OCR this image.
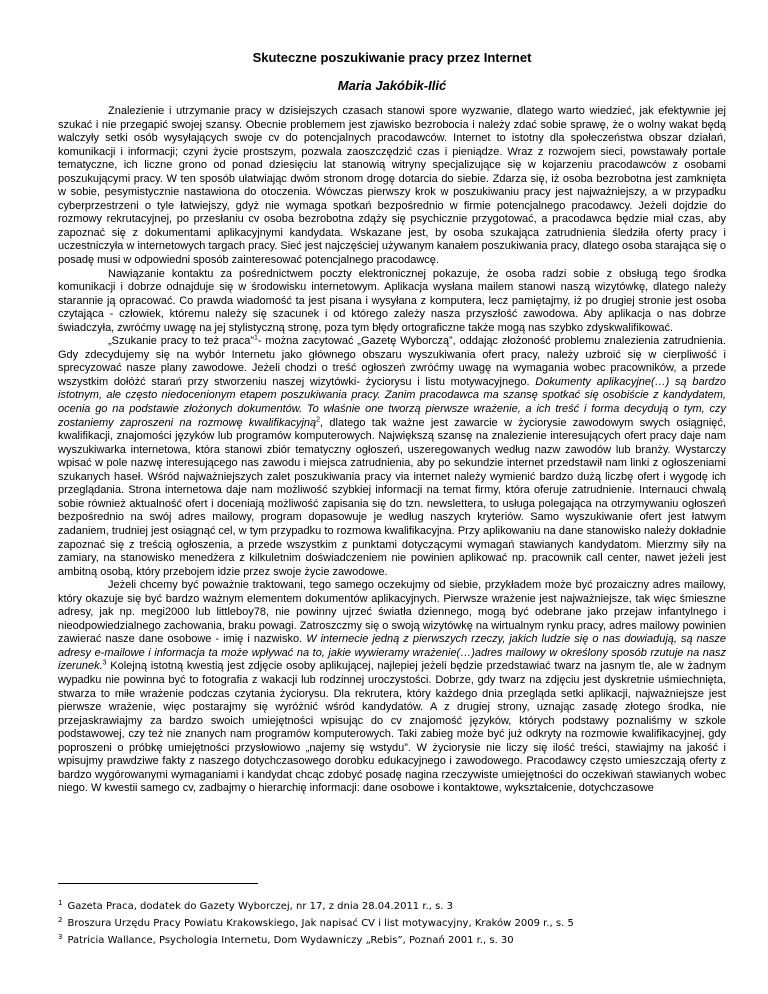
Skuteczne poszukiwanie pracy przez Internet
Maria Jakóbik-Ilić

Znalezienie i utrzymanie pracy w dzisiejszych czasach stanowi spore wyzwanie, dlatego warto wiedzieć, jak efektywnie jej szukać i nie przegapić swojej szansy. Obecnie problemem jest zjawisko bezrobocia i należy zdać sobie sprawę, że o wolny wakat będą walczyły setki osób wysyłających swoje cv do potencjalnych pracodawców. Internet to istotny dla społeczeństwa obszar działań, komunikacji i informacji; czyni życie prostszym, pozwala zaoszczędzić czas i pieniądze. Wraz z rozwojem sieci, powstawały portale tematyczne, ich liczne grono od ponad dziesięciu lat stanowią witryny specjalizujące się w kojarzeniu pracodawców z osobami poszukującymi pracy. W ten sposób ułatwiając dwóm stronom drogę dotarcia do siebie. Zdarza się, iż osoba bezrobotna jest zamknięta w sobie, pesymistycznie nastawiona do otoczenia. Wówczas pierwszy krok w poszukiwaniu pracy jest najważniejszy, a w przypadku cyberprzestrzeni o tyle łatwiejszy, gdyż nie wymaga spotkań bezpośrednio w firmie potencjalnego pracodawcy. Jeżeli dojdzie do rozmowy rekrutacyjnej, po przesłaniu cv osoba bezrobotna zdąży się psychicznie przygotować, a pracodawca będzie miał czas, aby zapoznać się z dokumentami aplikacyjnymi kandydata. Wskazane jest, by osoba szukająca zatrudnienia śledziła oferty pracy i uczestniczyła w internetowych targach pracy. Sieć jest najczęściej używanym kanałem poszukiwania pracy, dlatego osoba starająca się o posadę musi w odpowiedni sposób zainteresować potencjalnego pracodawcę.

Nawiązanie kontaktu za pośrednictwem poczty elektronicznej pokazuje, że osoba radzi sobie z obsługą tego środka komunikacji i dobrze odnajduje się w środowisku internetowym. Aplikacja wysłana mailem stanowi naszą wizytówkę, dlatego należy starannie ją opracować. Co prawda wiadomość ta jest pisana i wysyłana z komputera, lecz pamiętajmy, iż po drugiej stronie jest osoba czytająca - człowiek, któremu należy się szacunek i od którego zależy nasza przyszłość zawodowa. Aby aplikacja o nas dobrze świadczyła, zwróćmy uwagę na jej stylistyczną stronę, poza tym błędy ortograficzne także mogą nas szybko zdyskwalifikować.

„Szukanie pracy to też praca”$^1$- można zacytować „Gazetę Wyborczą”, oddając złożoność problemu znalezienia zatrudnienia. Gdy zdecydujemy się na wybór Internetu jako głównego obszaru wyszukiwania ofert pracy, należy uzbroić się w cierpliwość i sprecyzować nasze plany zawodowe. Jeżeli chodzi o treść ogłoszeń zwróćmy uwagę na wymagania wobec pracowników, a przede wszystkim dołóżć starań przy stworzeniu naszej wizytówki- życiorysu i listu motywacyjnego. Dokumenty aplikacyjne(…) są bardzo istotnym, ale często niedocenionym etapem poszukiwania pracy. Zanim pracodawca ma szansę spotkać się osobiście z kandydatem, ocenia go na podstawie złożonych dokumentów. To właśnie one tworzą pierwsze wrażenie, a ich treść i forma decydują o tym, czy zostaniemy zaproszeni na rozmowę kwalifikacyjną$^2$, dlatego tak ważne jest zawarcie w życiorysie zawodowym swych osiągnięć, kwalifikacji, znajomości języków lub programów komputerowych. Największą szansę na znalezienie interesujących ofert pracy daje nam wyszukiwarka internetowa, która stanowi zbiór tematyczny ogłoszeń, uszeregowanych według nazw zawodów lub branży. Wystarczy wpisać w pole nazwę interesującego nas zawodu i miejsca zatrudnienia, aby po sekundzie internet przedstawił nam linki z ogłoszeniami szukanych haseł. Wśród najważniejszych zalet poszukiwania pracy via internet należy wymienić bardzo dużą liczbę ofert i wygodę ich przeglądania. Strona internetowa daje nam możliwość szybkiej informacji na temat firmy, która oferuje zatrudnienie. Internauci chwalą sobie również aktualność ofert i doceniają możliwość zapisania się do tzn. newslettera, to usługa polegająca na otrzymywaniu ogłoszeń bezpośrednio na swój adres mailowy, program dopasowuje je według naszych kryteriów. Samo wyszukiwanie ofert jest łatwym zadaniem, trudniej jest osiągnąć cel, w tym przypadku to rozmowa kwalifikacyjna. Przy aplikowaniu na dane stanowisko należy dokładnie zapoznać się z treścią ogłoszenia, a przede wszystkim z punktami dotyczącymi wymagań stawianych kandydatom. Mierzmy siły na zamiary, na stanowisko menedżera z kilkuletnim doświadczeniem nie powinien aplikować np. pracownik call center, nawet jeżeli jest ambitną osobą, który przebojem idzie przez swoje życie zawodowe.

Jeżeli chcemy być poważnie traktowani, tego samego oczekujmy od siebie, przykładem może być prozaiczny adres mailowy, który okazuje się być bardzo ważnym elementem dokumentów aplikacyjnych. Pierwsze wrażenie jest najważniejsze, tak więc śmieszne adresy, jak np. megi2000 lub littleboy78, nie powinny ujrzeć światła dziennego, mogą być odebrane jako przejaw infantylnego i nieodpowiedzialnego zachowania, braku powagi. Zatroszczmy się o swoją wizytówkę na wirtualnym rynku pracy, adres mailowy powinien zawierać nasze dane osobowe - imię i nazwisko. W internecie jedną z pierwszych rzeczy, jakich ludzie się o nas dowiadują, są nasze adresy e-mailowe i informacja ta może wpływać na to, jakie wywieramy wrażenie(…)adres mailowy w określony sposób rzutuje na nasz izerunek.$^3$ Kolejną istotną kwestią jest zdjęcie osoby aplikującej, najlepiej jeżeli będzie przedstawiać twarz na jasnym tle, ale w żadnym wypadku nie powinna być to fotografia z wakacji lub rodzinnej uroczystości. Dobrze, gdy twarz na zdjęciu jest dyskretnie uśmiechnięta, stwarza to miłe wrażenie podczas czytania życiorysu. Dla rekrutera, który każdego dnia przegląda setki aplikacji, najważniejsze jest pierwsze wrażenie, więc postarajmy się wyróżnić wśród kandydatów. A z drugiej strony, uznając zasadę złotego środka, nie przejaskrawiajmy za bardzo swoich umiejętności wpisując do cv znajomość języków, których podstawy poznaliśmy w szkole podstawowej, czy też nie znanych nam programów komputerowych. Taki zabieg może być już odkryty na rozmowie kwalifikacyjnej, gdy poproszeni o próbkę umiejętności przysłowiowo „najemy się wstydu”. W życiorysie nie liczy się ilość treści, stawiajmy na jakość i wpisujmy prawdziwe fakty z naszego dotychczasowego dorobku edukacyjnego i zawodowego. Pracodawcy często umieszczają oferty z bardzo wygórowanymi wymaganiami i kandydat chcąc zdobyć posadę nagina rzeczywiste umiejętności do oczekiwań stawianych wobec niego. W kwestii samego cv, zadbajmy o hierarchię informacji: dane osobowe i kontaktowe, wykształcenie, dotychczasowe

$^1$ Gazeta Praca, dodatek do Gazety Wyborczej, nr 17, z dnia 28.04.2011 r., s. 3

$^2$ Broszura Urzędu Pracy Powiatu Krakowskiego, Jak napisać CV i list motywacyjny, Kraków 2009 r., s. 5

$^3$ Patricia Wallance, Psychologia Internetu, Dom Wydawniczy „Rebis”, Poznań 2001 r., s. 30
